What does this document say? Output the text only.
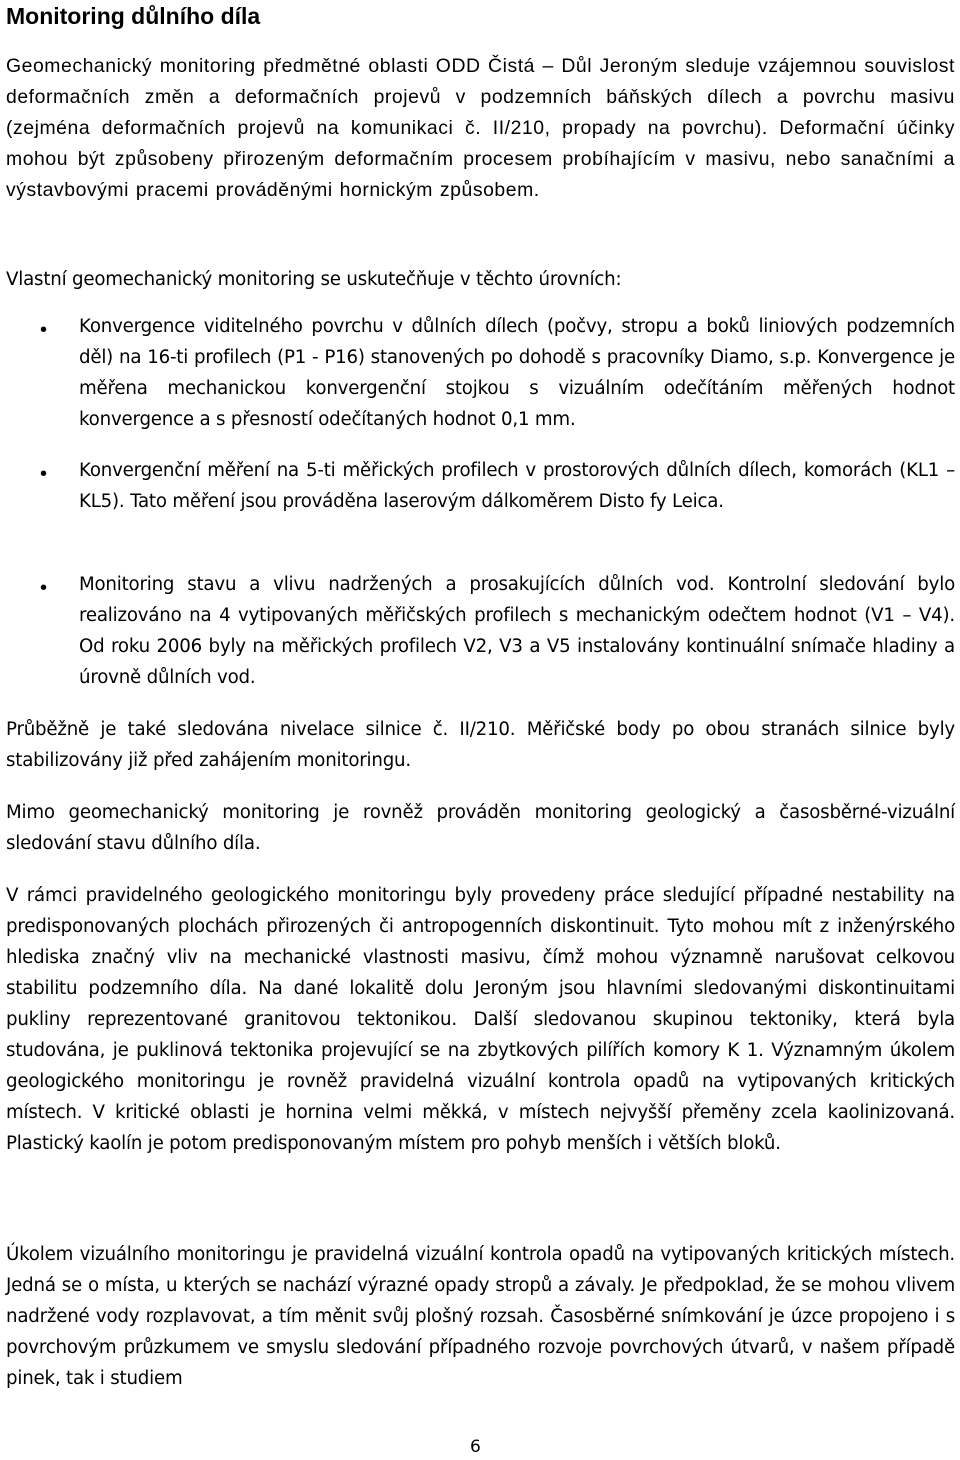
Monitoring důlního díla

Geomechanický monitoring předmětné oblasti ODD Čistá – Důl Jeroným sleduje vzájemnou souvislost deformačních změn a deformačních projevů v podzemních báňských dílech a povrchu masivu (zejména deformačních projevů na komunikaci č. II/210, propady na povrchu). Deformační účinky mohou být způsobeny přirozeným deformačním procesem probíhajícím v masivu, nebo sanačními a výstavbovými pracemi prováděnými hornickým způsobem.

Vlastní geomechanický monitoring se uskutečňuje v těchto úrovních:

• Konvergence viditelného povrchu v důlních dílech (počvy, stropu a boků liniových podzemních děl) na 16-ti profilech (P1 - P16) stanovených po dohodě s pracovníky Diamo, s.p. Konvergence je měřena mechanickou konvergenční stojkou s vizuálním odečítáním měřených hodnot konvergence a s přesností odečítaných hodnot 0,1 mm.

• Konvergenční měření na 5-ti měřických profilech v prostorových důlních dílech, komorách (KL1 – KL5). Tato měření jsou prováděna laserovým dálkoměrem Disto fy Leica.

• Monitoring stavu a vlivu nadržených a prosakujících důlních vod. Kontrolní sledování bylo realizováno na 4 vytipovaných měřičských profilech s mechanickým odečtem hodnot (V1 – V4). Od roku 2006 byly na měřických profilech V2, V3 a V5 instalovány kontinuální snímače hladiny a úrovně důlních vod.

Průběžně je také sledována nivelace silnice č. II/210. Měřičské body po obou stranách silnice byly stabilizovány již před zahájením monitoringu.

Mimo geomechanický monitoring je rovněž prováděn monitoring geologický a časosběrné-vizuální sledování stavu důlního díla.

V rámci pravidelného geologického monitoringu byly provedeny práce sledující případné nestability na predisponovaných plochách přirozených či antropogenních diskontinuit. Tyto mohou mít z inženýrského hlediska značný vliv na mechanické vlastnosti masivu, čímž mohou významně narušovat celkovou stabilitu podzemního díla. Na dané lokalitě dolu Jeroným jsou hlavními sledovanými diskontinuitami pukliny reprezentované granitovou tektonikou. Další sledovanou skupinou tektoniky, která byla studována, je puklinová tektonika projevující se na zbytkových pilířích komory K 1. Významným úkolem geologického monitoringu je rovněž pravidelná vizuální kontrola opadů na vytipovaných kritických místech. V kritické oblasti je hornina velmi měkká, v místech nejvyšší přeměny zcela kaolinizovaná. Plastický kaolín je potom predisponovaným místem pro pohyb menších i větších bloků.

Úkolem vizuálního monitoringu je pravidelná vizuální kontrola opadů na vytipovaných kritických místech. Jedná se o místa, u kterých se nachází výrazné opady stropů a závaly. Je předpoklad, že se mohou vlivem nadržené vody rozplavovat, a tím měnit svůj plošný rozsah. Časosběrné snímkování je úzce propojeno i s povrchovým průzkumem ve smyslu sledování případného rozvoje povrchových útvarů, v našem případě pinek, tak i studiem

6
